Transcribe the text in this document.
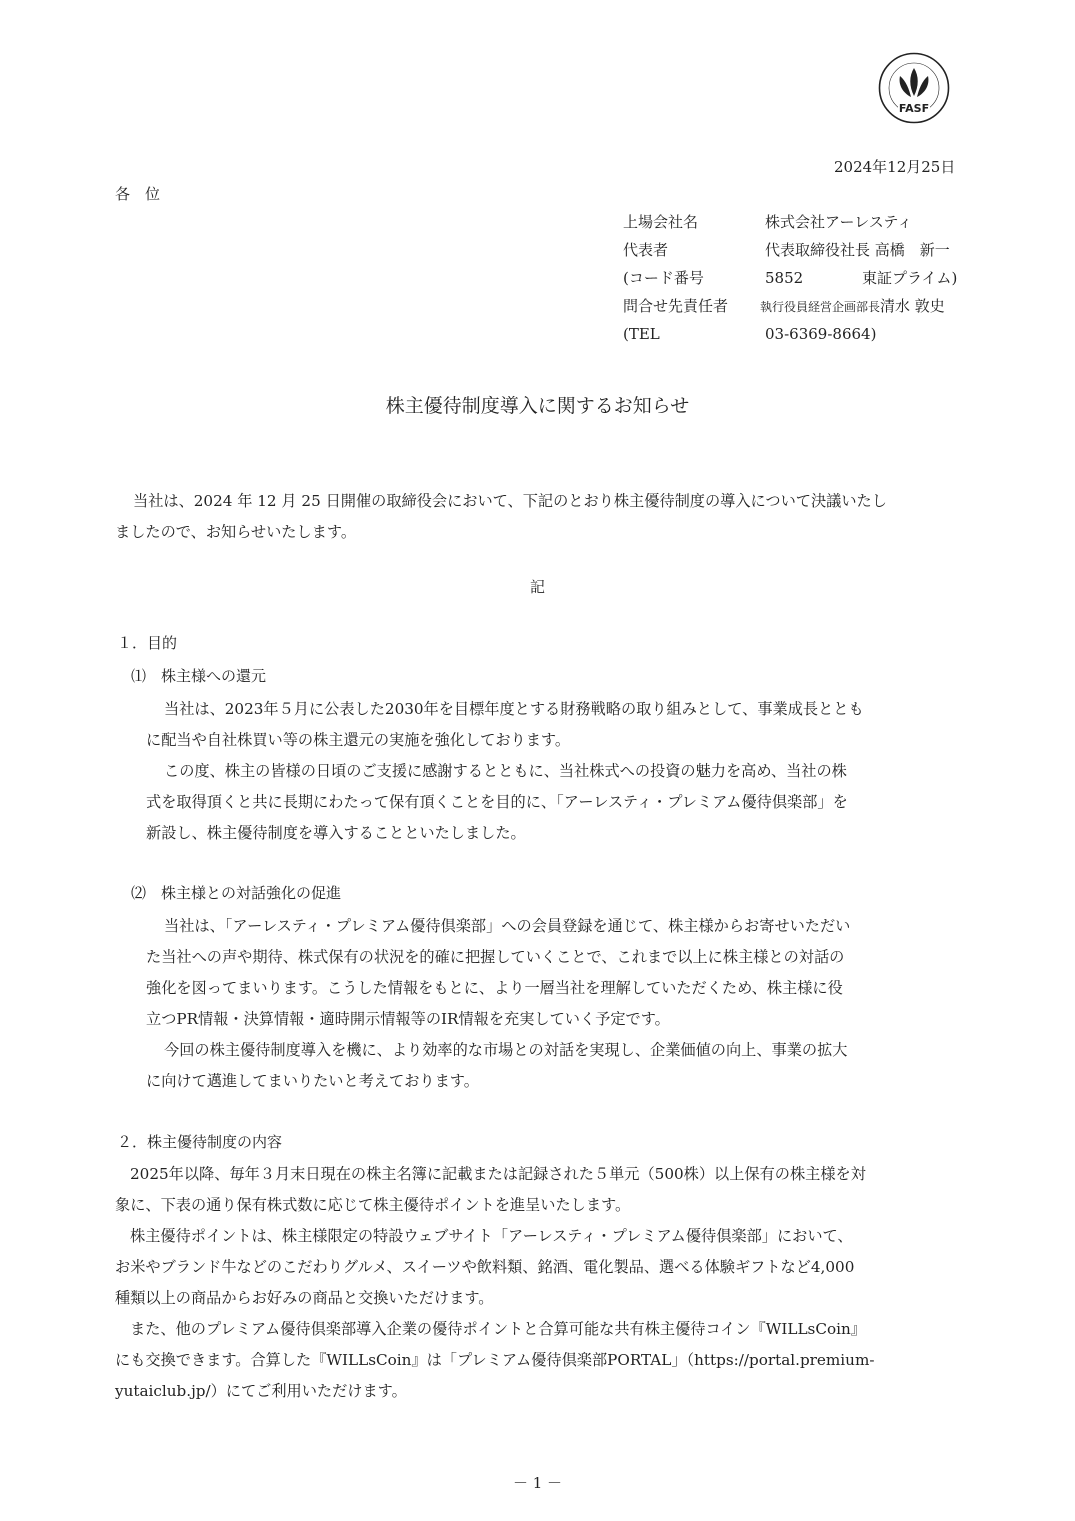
FASF
2024年12月25日
各　位
上場会社名	株式会社アーレスティ
代表者	代表取締役社長 高橋　新一
(コード番号	5852	東証プライム)
問合せ先責任者	執行役員経営企画部長 清水 敦史
(TEL	03-6369-8664)
株主優待制度導入に関するお知らせ

当社は、2024 年 12 月 25 日開催の取締役会において、下記のとおり株主優待制度の導入について決議いたし

ましたので、お知らせいたします。

記
１．目的
⑴　株主様への還元

当社は、2023年５月に公表した2030年を目標年度とする財務戦略の取り組みとして、事業成長ととも

に配当や自社株買い等の株主還元の実施を強化しております。

この度、株主の皆様の日頃のご支援に感謝するとともに、当社株式への投資の魅力を高め、当社の株

式を取得頂くと共に長期にわたって保有頂くことを目的に、「アーレスティ・プレミアム優待倶楽部」を

新設し、株主優待制度を導入することといたしました。

⑵　株主様との対話強化の促進

当社は、「アーレスティ・プレミアム優待倶楽部」への会員登録を通じて、株主様からお寄せいただい

た当社への声や期待、株式保有の状況を的確に把握していくことで、これまで以上に株主様との対話の

強化を図ってまいります。こうした情報をもとに、より一層当社を理解していただくため、株主様に役

立つPR情報・決算情報・適時開示情報等のIR情報を充実していく予定です。

今回の株主優待制度導入を機に、より効率的な市場との対話を実現し、企業価値の向上、事業の拡大

に向けて邁進してまいりたいと考えております。

２．株主優待制度の内容

2025年以降、毎年３月末日現在の株主名簿に記載または記録された５単元（500株）以上保有の株主様を対

象に、下表の通り保有株式数に応じて株主優待ポイントを進呈いたします。

株主優待ポイントは、株主様限定の特設ウェブサイト「アーレスティ・プレミアム優待倶楽部」において、

お米やブランド牛などのこだわりグルメ、スイーツや飲料類、銘酒、電化製品、選べる体験ギフトなど4,000

種類以上の商品からお好みの商品と交換いただけます。

また、他のプレミアム優待倶楽部導入企業の優待ポイントと合算可能な共有株主優待コイン『WILLsCoin』

にも交換できます。合算した『WILLsCoin』は「プレミアム優待倶楽部PORTAL」（https://portal.premium-

yutaiclub.jp/）にてご利用いただけます。

－ 1 －
